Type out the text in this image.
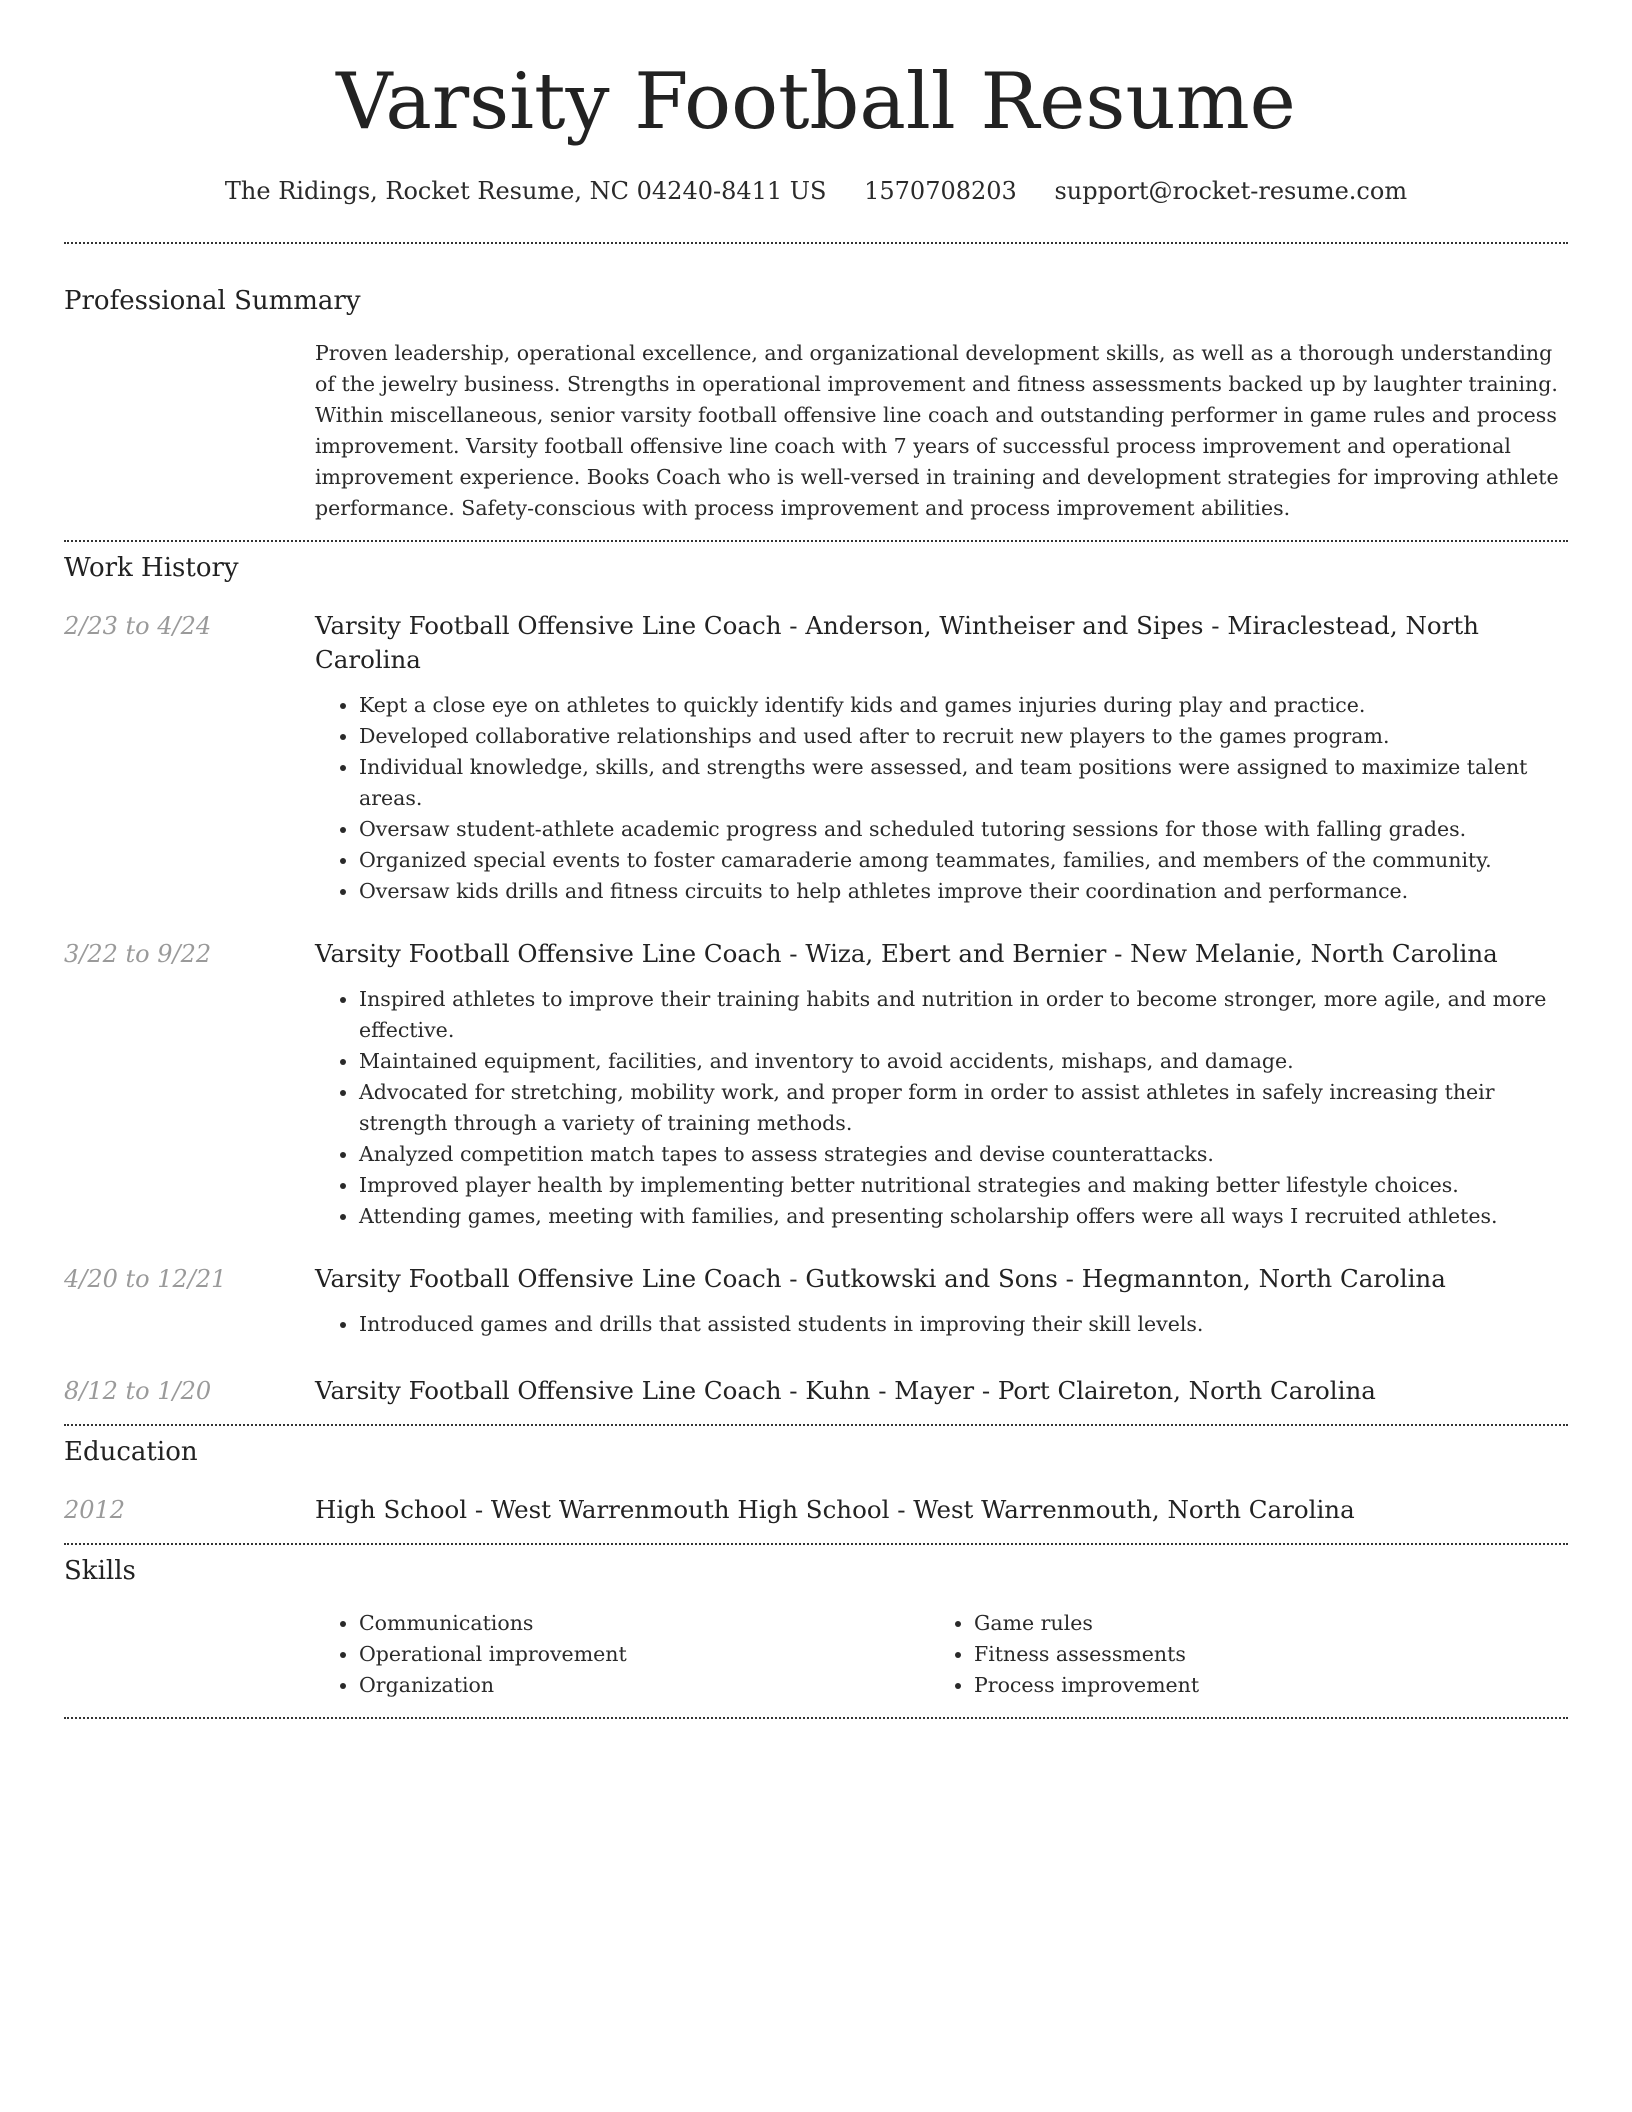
Varsity Football Resume
The Ridings, Rocket Resume, NC 04240-8411 US 1570708203 support@rocket-resume.com
Professional Summary
Proven leadership, operational excellence, and organizational development skills, as well as a thorough understanding of the jewelry business. Strengths in operational improvement and fitness assessments backed up by laughter training. Within miscellaneous, senior varsity football offensive line coach and outstanding performer in game rules and process improvement. Varsity football offensive line coach with 7 years of successful process improvement and operational improvement experience. Books Coach who is well-versed in training and development strategies for improving athlete performance. Safety-conscious with process improvement and process improvement abilities.
Work History
2/23 to 4/24	Varsity Football Offensive Line Coach - Anderson, Wintheiser and Sipes - Miraclestead, North Carolina
• Kept a close eye on athletes to quickly identify kids and games injuries during play and practice.
• Developed collaborative relationships and used after to recruit new players to the games program.
• Individual knowledge, skills, and strengths were assessed, and team positions were assigned to maximize talent areas.
• Oversaw student-athlete academic progress and scheduled tutoring sessions for those with falling grades.
• Organized special events to foster camaraderie among teammates, families, and members of the community.
• Oversaw kids drills and fitness circuits to help athletes improve their coordination and performance.
3/22 to 9/22	Varsity Football Offensive Line Coach - Wiza, Ebert and Bernier - New Melanie, North Carolina
• Inspired athletes to improve their training habits and nutrition in order to become stronger, more agile, and more effective.
• Maintained equipment, facilities, and inventory to avoid accidents, mishaps, and damage.
• Advocated for stretching, mobility work, and proper form in order to assist athletes in safely increasing their strength through a variety of training methods.
• Analyzed competition match tapes to assess strategies and devise counterattacks.
• Improved player health by implementing better nutritional strategies and making better lifestyle choices.
• Attending games, meeting with families, and presenting scholarship offers were all ways I recruited athletes.
4/20 to 12/21	Varsity Football Offensive Line Coach - Gutkowski and Sons - Hegmannton, North Carolina
• Introduced games and drills that assisted students in improving their skill levels.
8/12 to 1/20	Varsity Football Offensive Line Coach - Kuhn - Mayer - Port Claireton, North Carolina
Education
2012	High School - West Warrenmouth High School - West Warrenmouth, North Carolina
Skills
• Communications
• Operational improvement
• Organization
• Game rules
• Fitness assessments
• Process improvement
